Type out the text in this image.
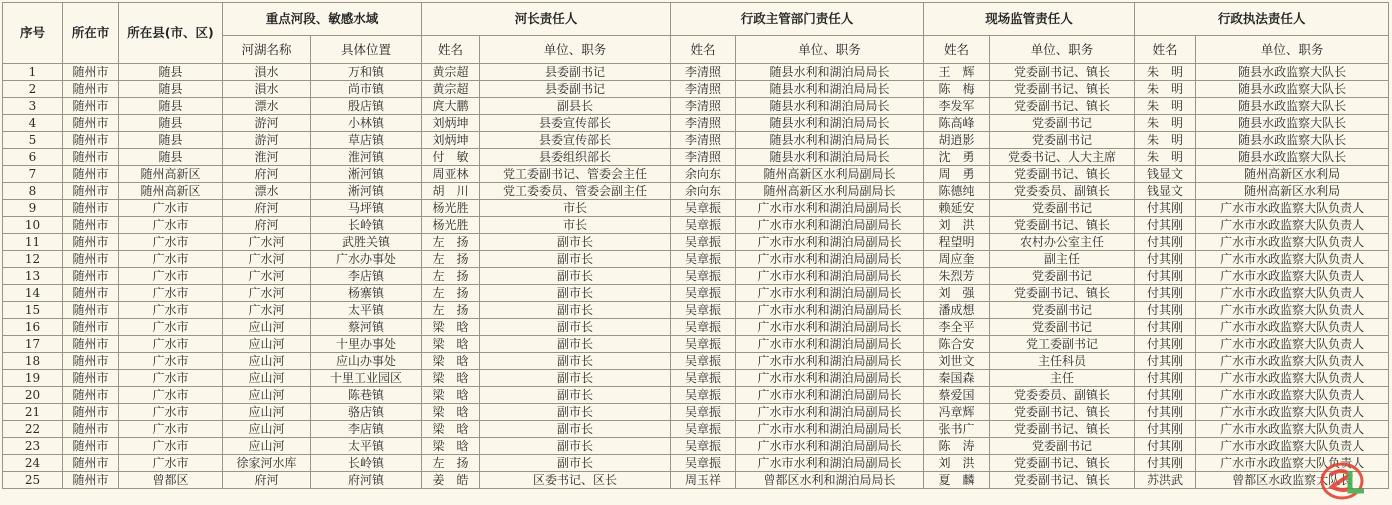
序号	所在市	所在县(市、区)	重点河段、敏感水域		河长责任人		行政主管部门责任人		现场监管责任人		行政执法责任人	
			河湖名称	具体位置	姓名	单位、职务	姓名	单位、职务	姓名	单位、职务	姓名	单位、职务
1	随州市	随县	溳水	万和镇	黄宗超	县委副书记	李清照	随县水利和湖泊局局长	王　辉	党委副书记、镇长	朱　明	随县水政监察大队长
2	随州市	随县	溳水	尚市镇	黄宗超	县委副书记	李清照	随县水利和湖泊局局长	陈　梅	党委副书记、镇长	朱　明	随县水政监察大队长
3	随州市	随县	漂水	殷店镇	庹大鹏	副县长	李清照	随县水利和湖泊局局长	李发军	党委副书记、镇长	朱　明	随县水政监察大队长
4	随州市	随县	游河	小林镇	刘炳坤	县委宣传部长	李清照	随县水利和湖泊局局长	陈高峰	党委副书记	朱　明	随县水政监察大队长
5	随州市	随县	游河	草店镇	刘炳坤	县委宣传部长	李清照	随县水利和湖泊局局长	胡逍影	党委副书记	朱　明	随县水政监察大队长
6	随州市	随县	淮河	淮河镇	付　敏	县委组织部长	李清照	随县水利和湖泊局局长	沈　勇	党委书记、人大主席	朱　明	随县水政监察大队长
7	随州市	随州高新区	府河	淅河镇	周亚林	党工委副书记、管委会主任	余向东	随州高新区水利局副局长	周　勇	党委副书记、镇长	钱显文	随州高新区水利局
8	随州市	随州高新区	漂水	淅河镇	胡　川	党工委委员、管委会副主任	余向东	随州高新区水利局副局长	陈德纯	党委委员、副镇长	钱显文	随州高新区水利局
9	随州市	广水市	府河	马坪镇	杨光胜	市长	吴章振	广水市水利和湖泊局副局长	赖延安	党委副书记	付其刚	广水市水政监察大队负责人
10	随州市	广水市	府河	长岭镇	杨光胜	市长	吴章振	广水市水利和湖泊局副局长	刘　洪	党委副书记、镇长	付其刚	广水市水政监察大队负责人
11	随州市	广水市	广水河	武胜关镇	左　扬	副市长	吴章振	广水市水利和湖泊局副局长	程望明	农村办公室主任	付其刚	广水市水政监察大队负责人
12	随州市	广水市	广水河	广水办事处	左　扬	副市长	吴章振	广水市水利和湖泊局副局长	周应奎	副主任	付其刚	广水市水政监察大队负责人
13	随州市	广水市	广水河	李店镇	左　扬	副市长	吴章振	广水市水利和湖泊局副局长	朱烈芳	党委副书记	付其刚	广水市水政监察大队负责人
14	随州市	广水市	广水河	杨寨镇	左　扬	副市长	吴章振	广水市水利和湖泊局副局长	刘　强	党委副书记、镇长	付其刚	广水市水政监察大队负责人
15	随州市	广水市	广水河	太平镇	左　扬	副市长	吴章振	广水市水利和湖泊局副局长	潘成想	党委副书记	付其刚	广水市水政监察大队负责人
16	随州市	广水市	应山河	蔡河镇	梁　晗	副市长	吴章振	广水市水利和湖泊局副局长	李全平	党委副书记	付其刚	广水市水政监察大队负责人
17	随州市	广水市	应山河	十里办事处	梁　晗	副市长	吴章振	广水市水利和湖泊局副局长	陈合安	党工委副书记	付其刚	广水市水政监察大队负责人
18	随州市	广水市	应山河	应山办事处	梁　晗	副市长	吴章振	广水市水利和湖泊局副局长	刘世文	主任科员	付其刚	广水市水政监察大队负责人
19	随州市	广水市	应山河	十里工业园区	梁　晗	副市长	吴章振	广水市水利和湖泊局副局长	秦国森	主任	付其刚	广水市水政监察大队负责人
20	随州市	广水市	应山河	陈巷镇	梁　晗	副市长	吴章振	广水市水利和湖泊局副局长	蔡爱国	党委委员、副镇长	付其刚	广水市水政监察大队负责人
21	随州市	广水市	应山河	骆店镇	梁　晗	副市长	吴章振	广水市水利和湖泊局副局长	冯章辉	党委副书记、镇长	付其刚	广水市水政监察大队负责人
22	随州市	广水市	应山河	李店镇	梁　晗	副市长	吴章振	广水市水利和湖泊局副局长	张书广	党委副书记、镇长	付其刚	广水市水政监察大队负责人
23	随州市	广水市	应山河	太平镇	梁　晗	副市长	吴章振	广水市水利和湖泊局副局长	陈　涛	党委副书记	付其刚	广水市水政监察大队负责人
24	随州市	广水市	徐家河水库	长岭镇	左　扬	副市长	吴章振	广水市水利和湖泊局副局长	刘　洪	党委副书记、镇长	付其刚	广水市水政监察大队负责人
25	随州市	曾都区	府河	府河镇	姜　皓	区委书记、区长	周玉祥	曾都区水利和湖泊局局长	夏　麟	党委副书记、镇长	苏洪武	曾都区水政监察大队长
